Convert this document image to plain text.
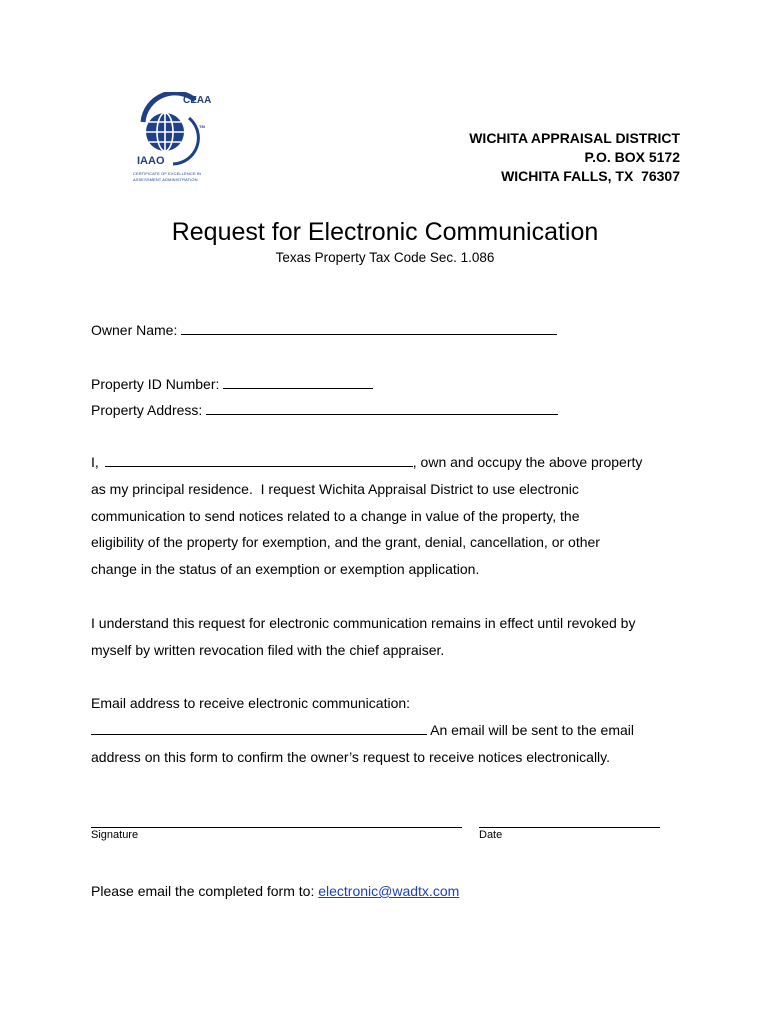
CEAA
TM
IAAO
CERTIFICATE OF EXCELLENCE IN
ASSESSMENT ADMINISTRATION
WICHITA APPRAISAL DISTRICT
P.O. BOX 5172
WICHITA FALLS, TX  76307
Request for Electronic Communication
Texas Property Tax Code Sec. 1.086
Owner Name:
Property ID Number:
Property Address:
I,	, own and occupy the above property
as my principal residence.  I request Wichita Appraisal District to use electronic
communication to send notices related to a change in value of the property, the
eligibility of the property for exemption, and the grant, denial, cancellation, or other
change in the status of an exemption or exemption application.
I understand this request for electronic communication remains in effect until revoked by
myself by written revocation filed with the chief appraiser.
Email address to receive electronic communication:
An email will be sent to the email
address on this form to confirm the owner’s request to receive notices electronically.
Signature	Date
Please email the completed form to: electronic@wadtx.com
